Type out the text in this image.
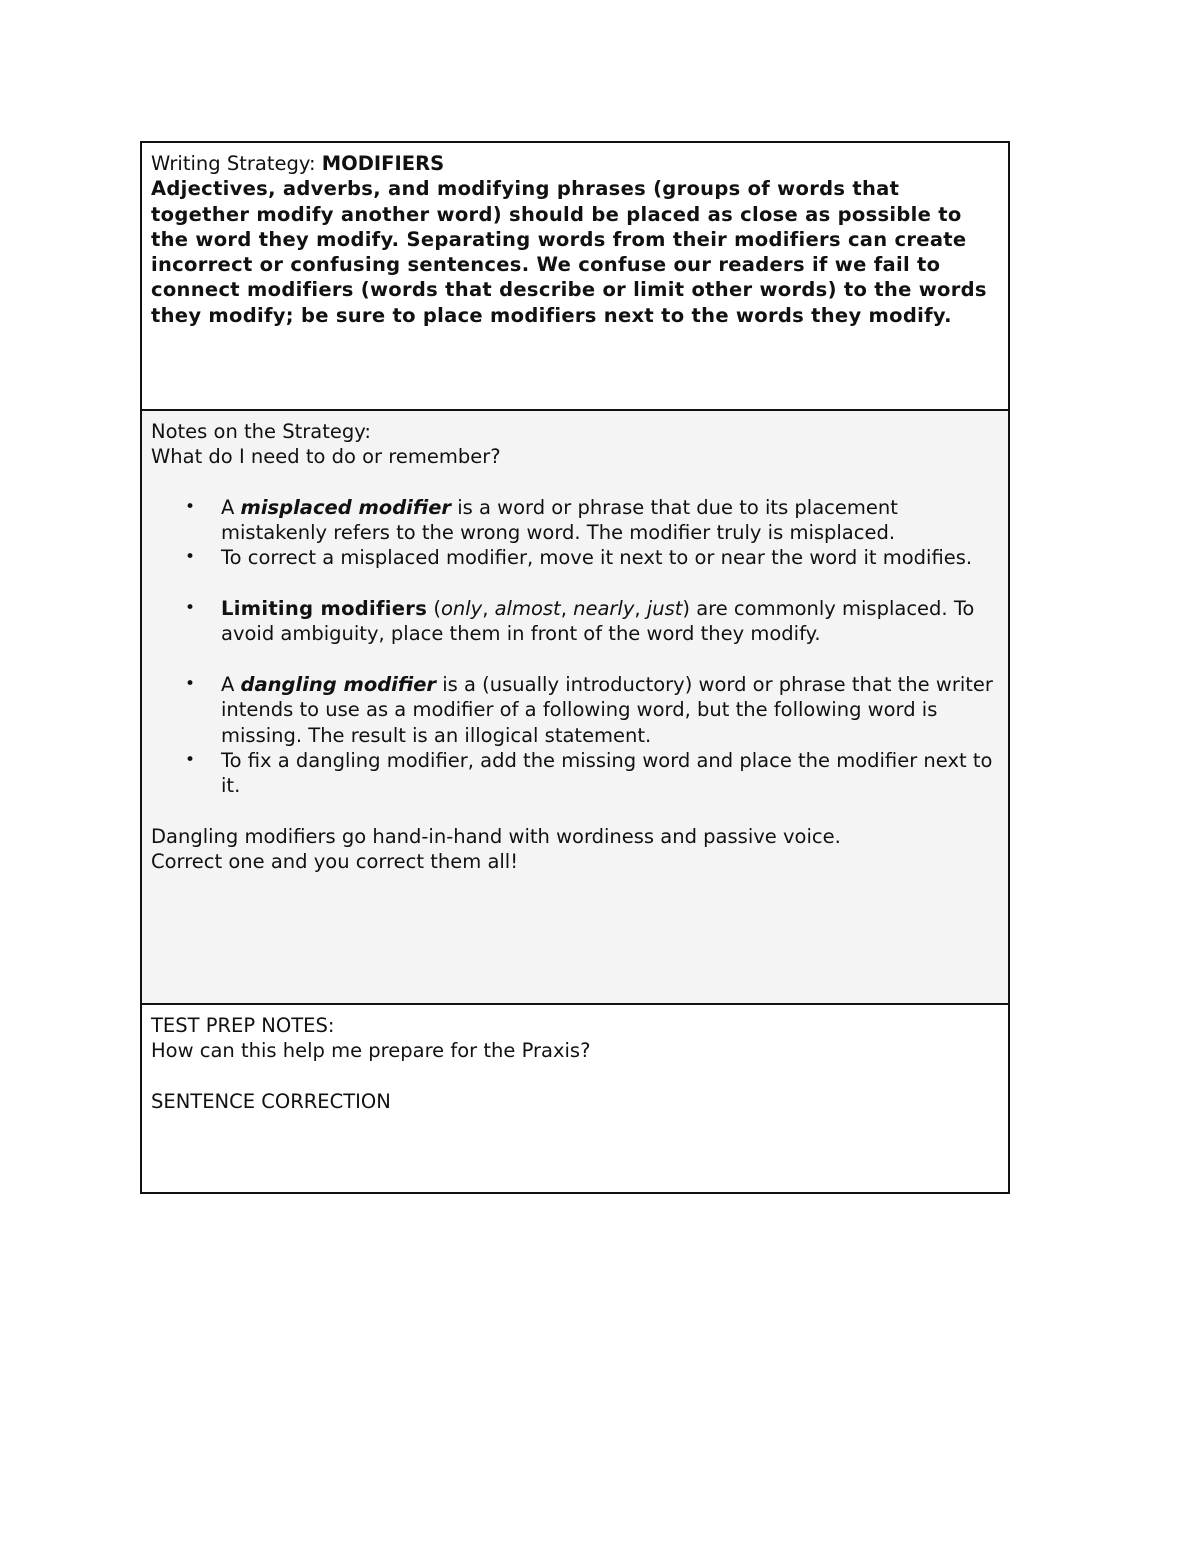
Writing Strategy: MODIFIERS
Adjectives, adverbs, and modifying phrases (groups of words that together modify another word) should be placed as close as possible to the word they modify. Separating words from their modifiers can create incorrect or confusing sentences. We confuse our readers if we fail to connect modifiers (words that describe or limit other words) to the words they modify; be sure to place modifiers next to the words they modify.
Notes on the Strategy:
What do I need to do or remember?
• A misplaced modifier is a word or phrase that due to its placement mistakenly refers to the wrong word. The modifier truly is misplaced.
• To correct a misplaced modifier, move it next to or near the word it modifies.
• Limiting modifiers (only, almost, nearly, just) are commonly misplaced. To avoid ambiguity, place them in front of the word they modify.
• A dangling modifier is a (usually introductory) word or phrase that the writer intends to use as a modifier of a following word, but the following word is missing. The result is an illogical statement.
• To fix a dangling modifier, add the missing word and place the modifier next to it.
Dangling modifiers go hand-in-hand with wordiness and passive voice.
Correct one and you correct them all!
TEST PREP NOTES:
How can this help me prepare for the Praxis?
SENTENCE CORRECTION
